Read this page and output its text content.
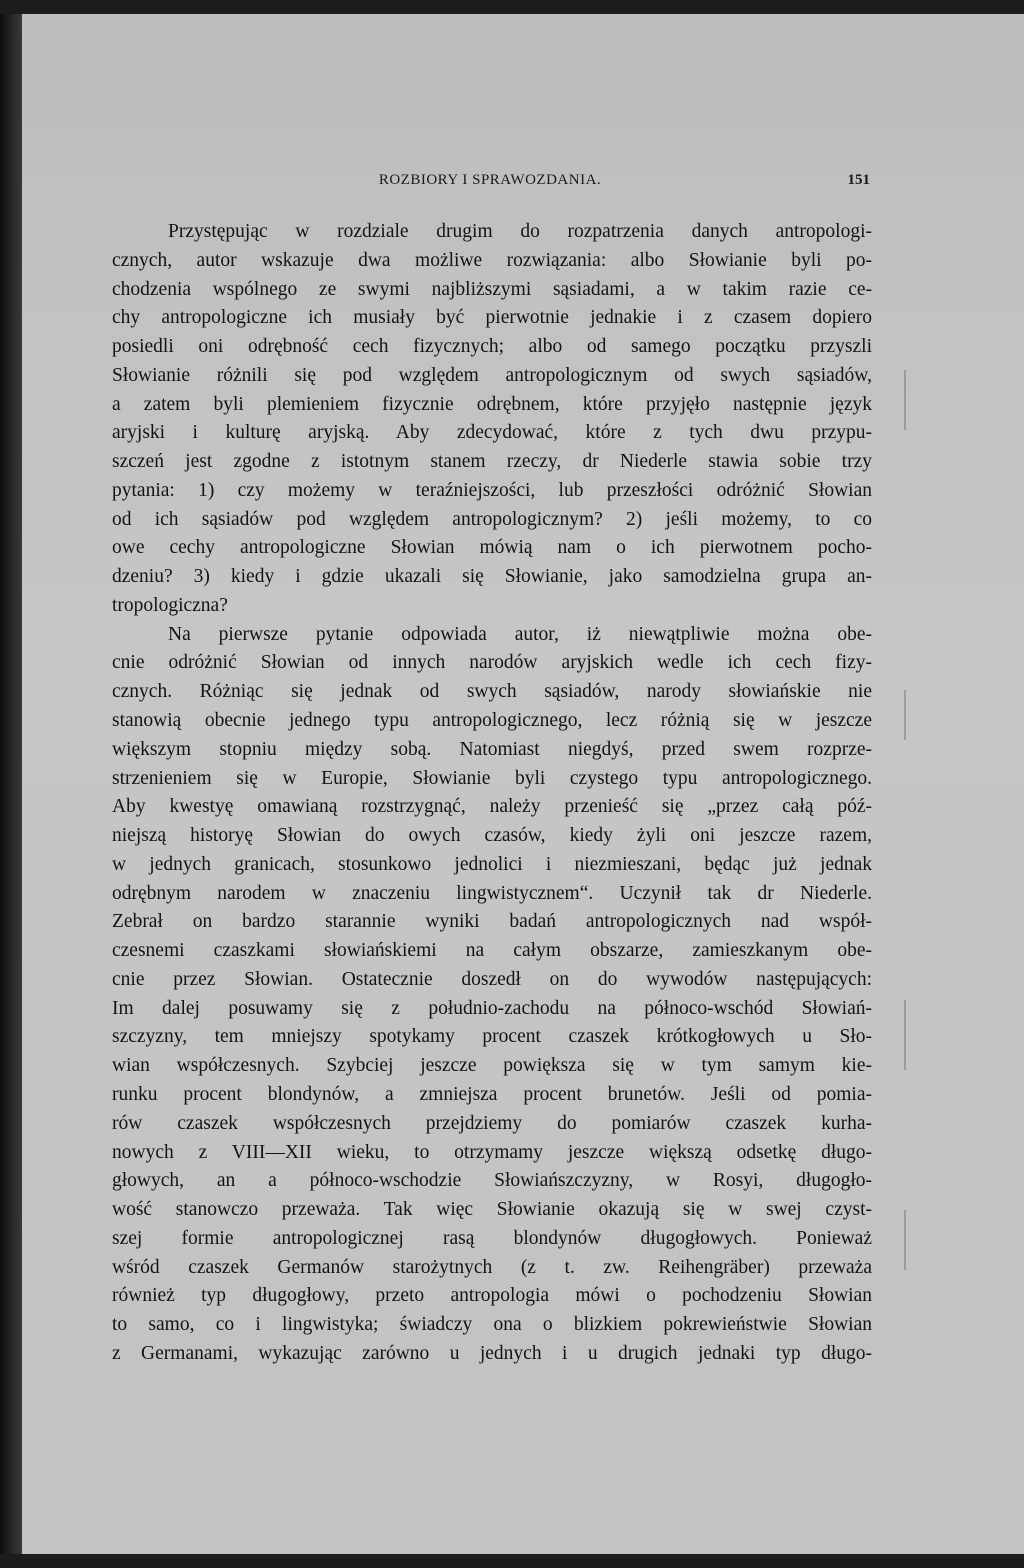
ROZBIORY I SPRAWOZDANIA.	151
Przystępując w rozdziale drugim do rozpatrzenia danych antropologi-
cznych, autor wskazuje dwa możliwe rozwiązania: albo Słowianie byli po-
chodzenia wspólnego ze swymi najbliższymi sąsiadami, a w takim razie ce-
chy antropologiczne ich musiały być pierwotnie jednakie i z czasem dopiero
posiedli oni odrębność cech fizycznych; albo od samego początku przyszli
Słowianie różnili się pod względem antropologicznym od swych sąsiadów,
a zatem byli plemieniem fizycznie odrębnem, które przyjęło następnie język
aryjski i kulturę aryjską. Aby zdecydować, które z tych dwu przypu-
szczeń jest zgodne z istotnym stanem rzeczy, dr Niederle stawia sobie trzy
pytania: 1) czy możemy w teraźniejszości, lub przeszłości odróżnić Słowian
od ich sąsiadów pod względem antropologicznym? 2) jeśli możemy, to co
owe cechy antropologiczne Słowian mówią nam o ich pierwotnem pocho-
dzeniu? 3) kiedy i gdzie ukazali się Słowianie, jako samodzielna grupa an-
tropologiczna?
Na pierwsze pytanie odpowiada autor, iż niewątpliwie można obe-
cnie odróżnić Słowian od innych narodów aryjskich wedle ich cech fizy-
cznych. Różniąc się jednak od swych sąsiadów, narody słowiańskie nie
stanowią obecnie jednego typu antropologicznego, lecz różnią się w jeszcze
większym stopniu między sobą. Natomiast niegdyś, przed swem rozprze-
strzenieniem się w Europie, Słowianie byli czystego typu antropologicznego.
Aby kwestyę omawianą rozstrzygnąć, należy przenieść się „przez całą póź-
niejszą historyę Słowian do owych czasów, kiedy żyli oni jeszcze razem,
w jednych granicach, stosunkowo jednolici i niezmieszani, będąc już jednak
odrębnym narodem w znaczeniu lingwistycznem“. Uczynił tak dr Niederle.
Zebrał on bardzo starannie wyniki badań antropologicznych nad współ-
czesnemi czaszkami słowiańskiemi na całym obszarze, zamieszkanym obe-
cnie przez Słowian. Ostatecznie doszedł on do wywodów następujących:
Im dalej posuwamy się z południo-zachodu na północo-wschód Słowiań-
szczyzny, tem mniejszy spotykamy procent czaszek krótkogłowych u Sło-
wian współczesnych. Szybciej jeszcze powiększa się w tym samym kie-
runku procent blondynów, a zmniejsza procent brunetów. Jeśli od pomia-
rów czaszek współczesnych przejdziemy do pomiarów czaszek kurha-
nowych z VIII—XII wieku, to otrzymamy jeszcze większą odsetkę długo-
głowych, an a północo-wschodzie Słowiańszczyzny, w Rosyi, długogło-
wość stanowczo przeważa. Tak więc Słowianie okazują się w swej czyst-
szej formie antropologicznej rasą blondynów długogłowych. Ponieważ
wśród czaszek Germanów starożytnych (z t. zw. Reihengräber) przeważa
również typ długogłowy, przeto antropologia mówi o pochodzeniu Słowian
to samo, co i lingwistyka; świadczy ona o blizkiem pokrewieństwie Słowian
z Germanami, wykazując zarówno u jednych i u drugich jednaki typ długo-
